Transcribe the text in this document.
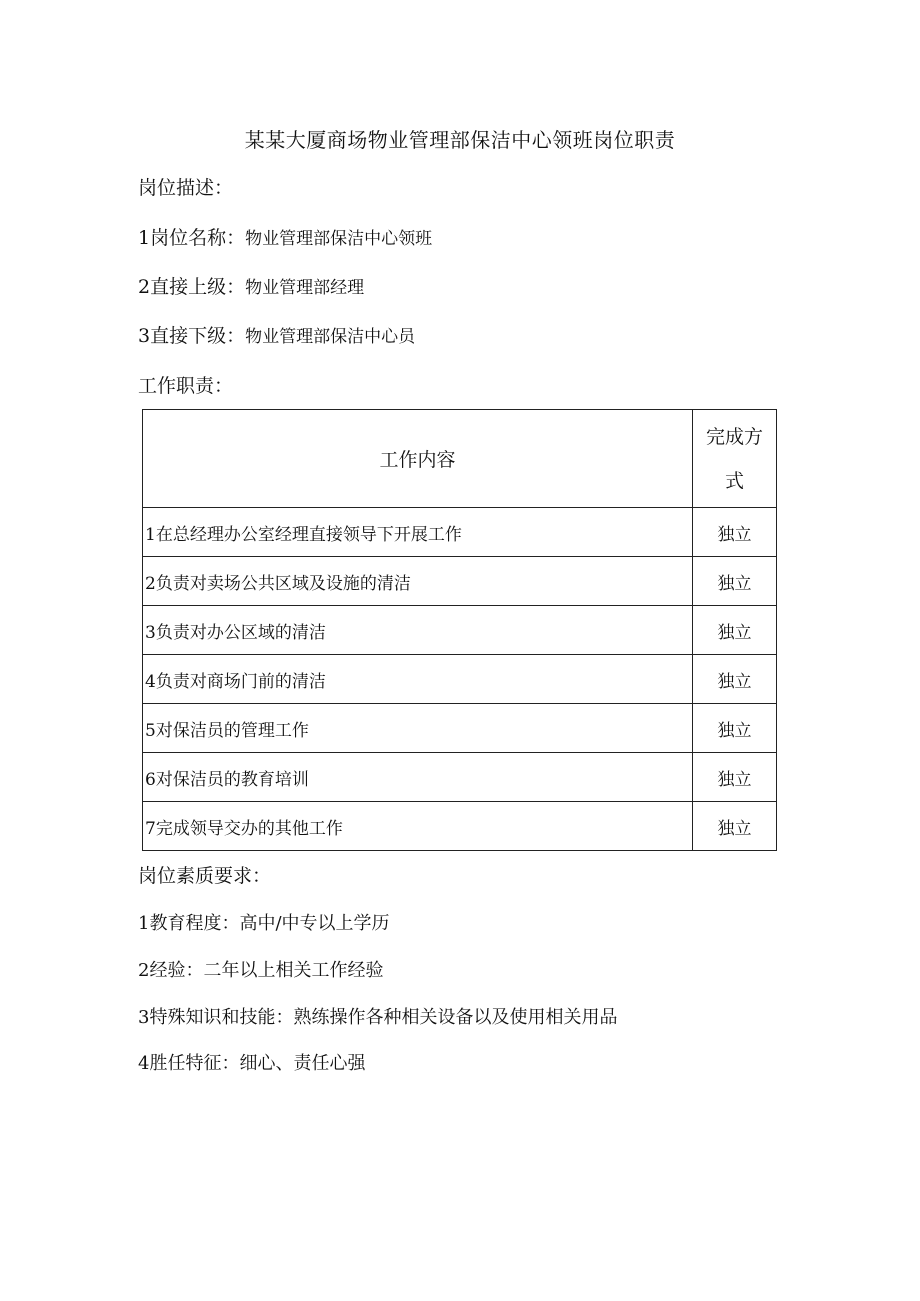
某某大厦商场物业管理部保洁中心领班岗位职责
岗位描述：
1岗位名称：物业管理部保洁中心领班
2直接上级：物业管理部经理
3直接下级：物业管理部保洁中心员
工作职责：
工作内容	完成方
式

1在总经理办公室经理直接领导下开展工作	独立
2负责对卖场公共区域及设施的清洁	独立
3负责对办公区域的清洁	独立
4负责对商场门前的清洁	独立
5对保洁员的管理工作	独立
6对保洁员的教育培训	独立
7完成领导交办的其他工作	独立
岗位素质要求：
1教育程度：高中/中专以上学历
2经验：二年以上相关工作经验
3特殊知识和技能：熟练操作各种相关设备以及使用相关用品
4胜任特征：细心、责任心强
